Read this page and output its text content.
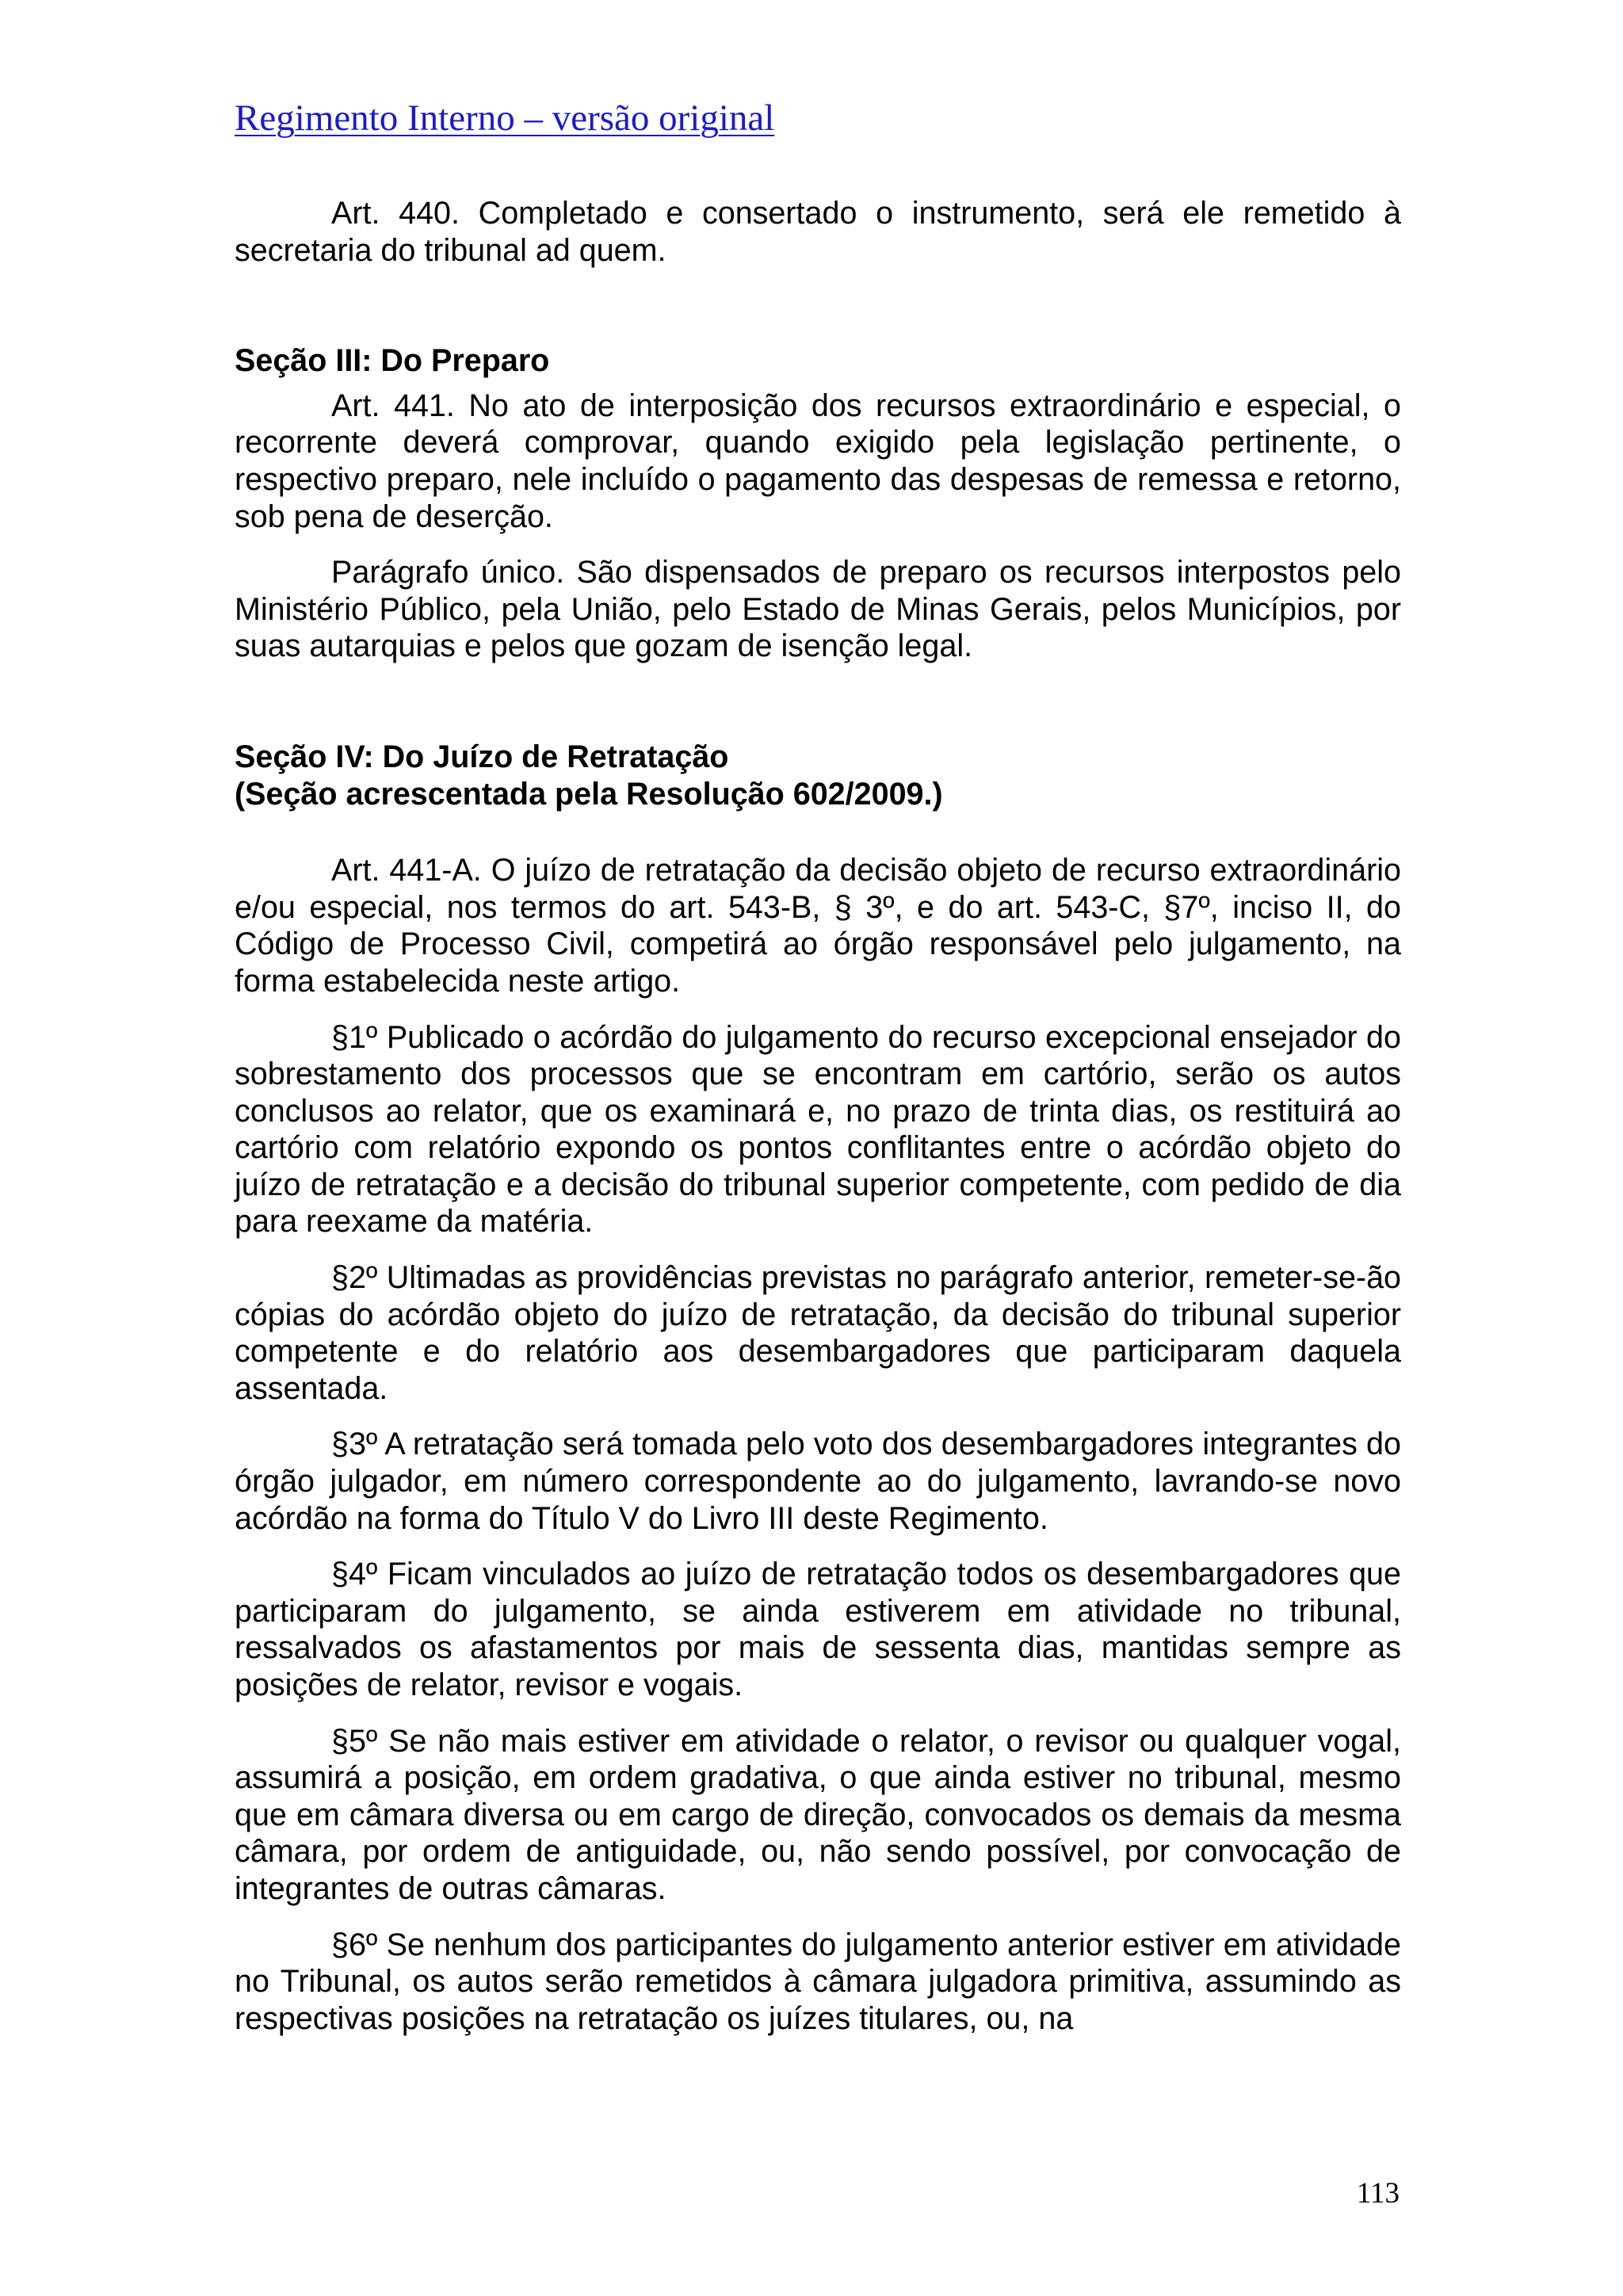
Regimento Interno – versão original

Art. 440. Completado e consertado o instrumento, será ele remetido à secretaria do tribunal ad quem.

Seção III: Do Preparo

Art. 441. No ato de interposição dos recursos extraordinário e especial, o recorrente deverá comprovar, quando exigido pela legislação pertinente, o respectivo preparo, nele incluído o pagamento das despesas de remessa e retorno, sob pena de deserção.

Parágrafo único. São dispensados de preparo os recursos interpostos pelo Ministério Público, pela União, pelo Estado de Minas Gerais, pelos Municípios, por suas autarquias e pelos que gozam de isenção legal.

Seção IV: Do Juízo de Retratação

(Seção acrescentada pela Resolução 602/2009.)

Art. 441-A. O juízo de retratação da decisão objeto de recurso extraordinário e/ou especial, nos termos do art. 543-B, § 3º, e do art. 543-C, §7º, inciso II, do Código de Processo Civil, competirá ao órgão responsável pelo julgamento, na forma estabelecida neste artigo.

§1º Publicado o acórdão do julgamento do recurso excepcional ensejador do sobrestamento dos processos que se encontram em cartório, serão os autos conclusos ao relator, que os examinará e, no prazo de trinta dias, os restituirá ao cartório com relatório expondo os pontos conflitantes entre o acórdão objeto do juízo de retratação e a decisão do tribunal superior competente, com pedido de dia para reexame da matéria.

§2º Ultimadas as providências previstas no parágrafo anterior, remeter-se-ão cópias do acórdão objeto do juízo de retratação, da decisão do tribunal superior competente e do relatório aos desembargadores que participaram daquela assentada.

§3º A retratação será tomada pelo voto dos desembargadores integrantes do órgão julgador, em número correspondente ao do julgamento, lavrando-se novo acórdão na forma do Título V do Livro III deste Regimento.

§4º Ficam vinculados ao juízo de retratação todos os desembargadores que participaram do julgamento, se ainda estiverem em atividade no tribunal, ressalvados os afastamentos por mais de sessenta dias, mantidas sempre as posições de relator, revisor e vogais.

§5º Se não mais estiver em atividade o relator, o revisor ou qualquer vogal, assumirá a posição, em ordem gradativa, o que ainda estiver no tribunal, mesmo que em câmara diversa ou em cargo de direção, convocados os demais da mesma câmara, por ordem de antiguidade, ou, não sendo possível, por convocação de integrantes de outras câmaras.

§6º Se nenhum dos participantes do julgamento anterior estiver em atividade no Tribunal, os autos serão remetidos à câmara julgadora primitiva, assumindo as respectivas posições na retratação os juízes titulares, ou, na

113
